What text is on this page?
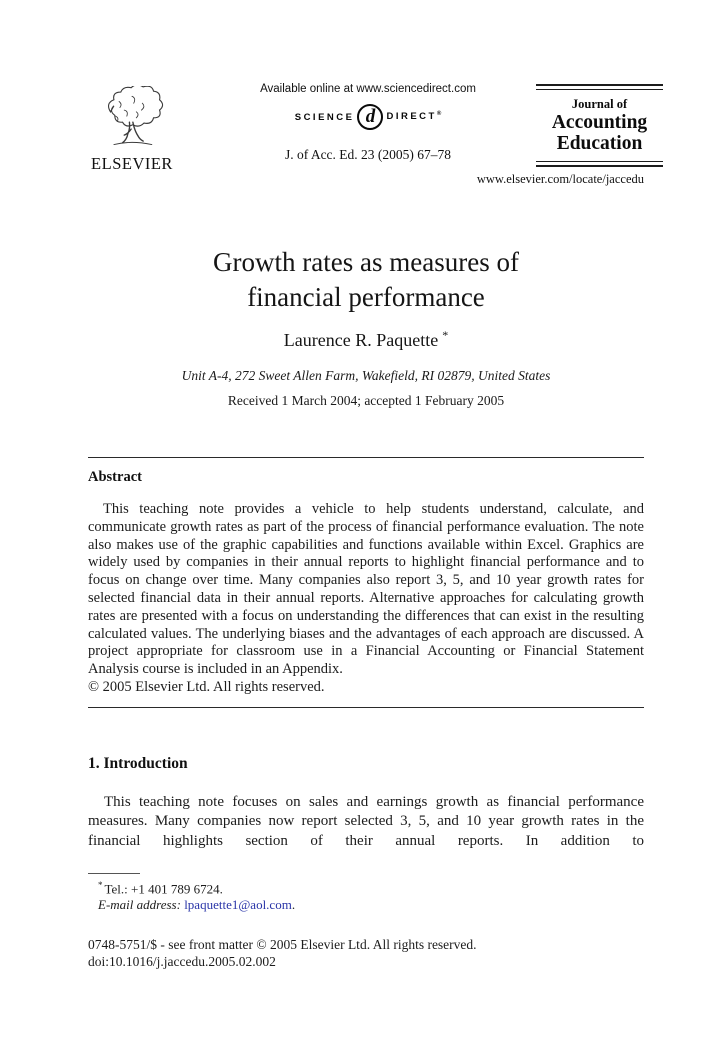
ELSEVIER
Available online at www.sciencedirect.com
SCIENCE d	DIRECT®
J. of Acc. Ed. 23 (2005) 67–78
Journal of
Accounting
Education
www.elsevier.com/locate/jaccedu
Growth rates as measures of
financial performance
Laurence R. Paquette *
Unit A-4, 272 Sweet Allen Farm, Wakefield, RI 02879, United States
Received 1 March 2004; accepted 1 February 2005
Abstract
This teaching note provides a vehicle to help students understand, calculate, and communicate growth rates as part of the process of financial performance evaluation. The note also makes use of the graphic capabilities and functions available within Excel. Graphics are widely used by companies in their annual reports to highlight financial performance and to focus on change over time. Many companies also report 3, 5, and 10 year growth rates for selected financial data in their annual reports. Alternative approaches for calculating growth rates are presented with a focus on understanding the differences that can exist in the resulting calculated values. The underlying biases and the advantages of each approach are discussed. A project appropriate for classroom use in a Financial Accounting or Financial Statement Analysis course is included in an Appendix.
© 2005 Elsevier Ltd. All rights reserved.
1. Introduction
This teaching note focuses on sales and earnings growth as financial performance measures. Many companies now report selected 3, 5, and 10 year growth rates in the financial highlights section of their annual reports. In addition to
* Tel.: +1 401 789 6724.
E-mail address: lpaquette1@aol.com.
0748-5751/$ - see front matter © 2005 Elsevier Ltd. All rights reserved.
doi:10.1016/j.jaccedu.2005.02.002
